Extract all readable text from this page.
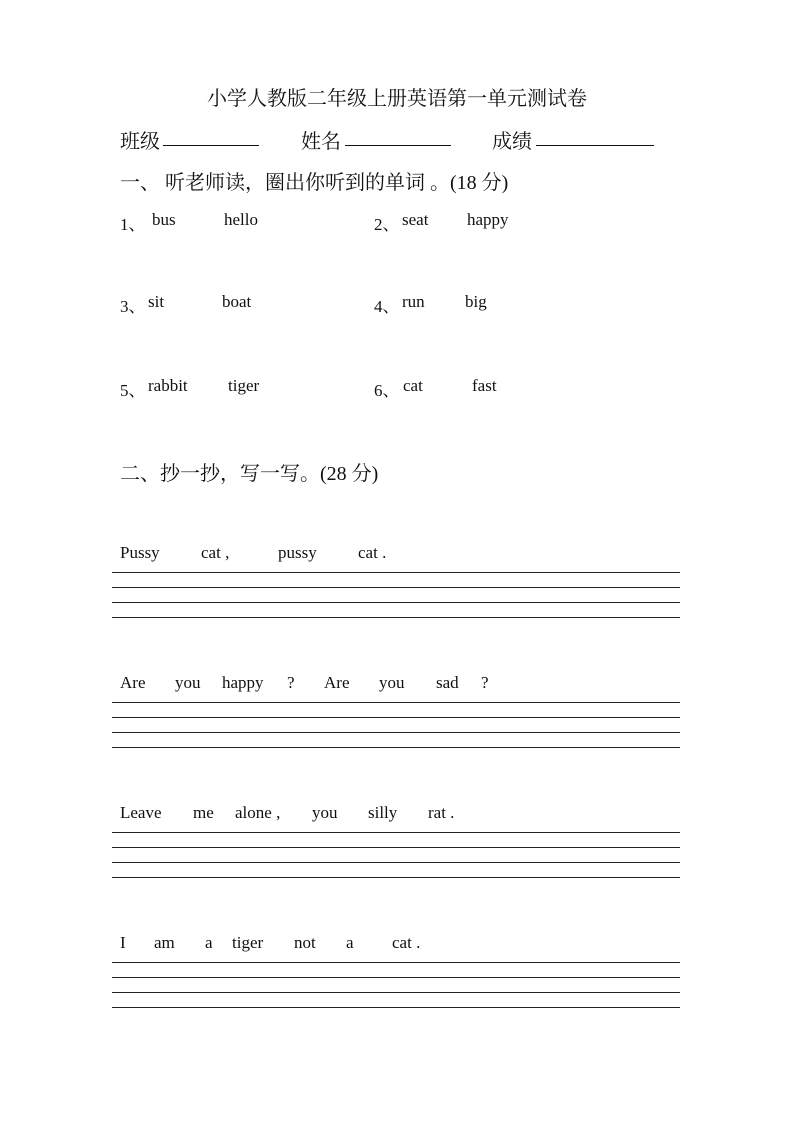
小学人教版二年级上册英语第一单元测试卷
班级	姓名	成绩
一、 听老师读，圈出你听到的单词 。(18 分)
1、 bus	hello	2、 seat happy
3、 sit	boat	4、 run big
5、 rabbit tiger	6、 cat	fast
二、抄一抄，写一写。(28 分)
Pussy cat ,	pussy cat .
Are you happy ? Are you sad ?
Leave me alone , you silly rat .
I am a tiger not a cat .
